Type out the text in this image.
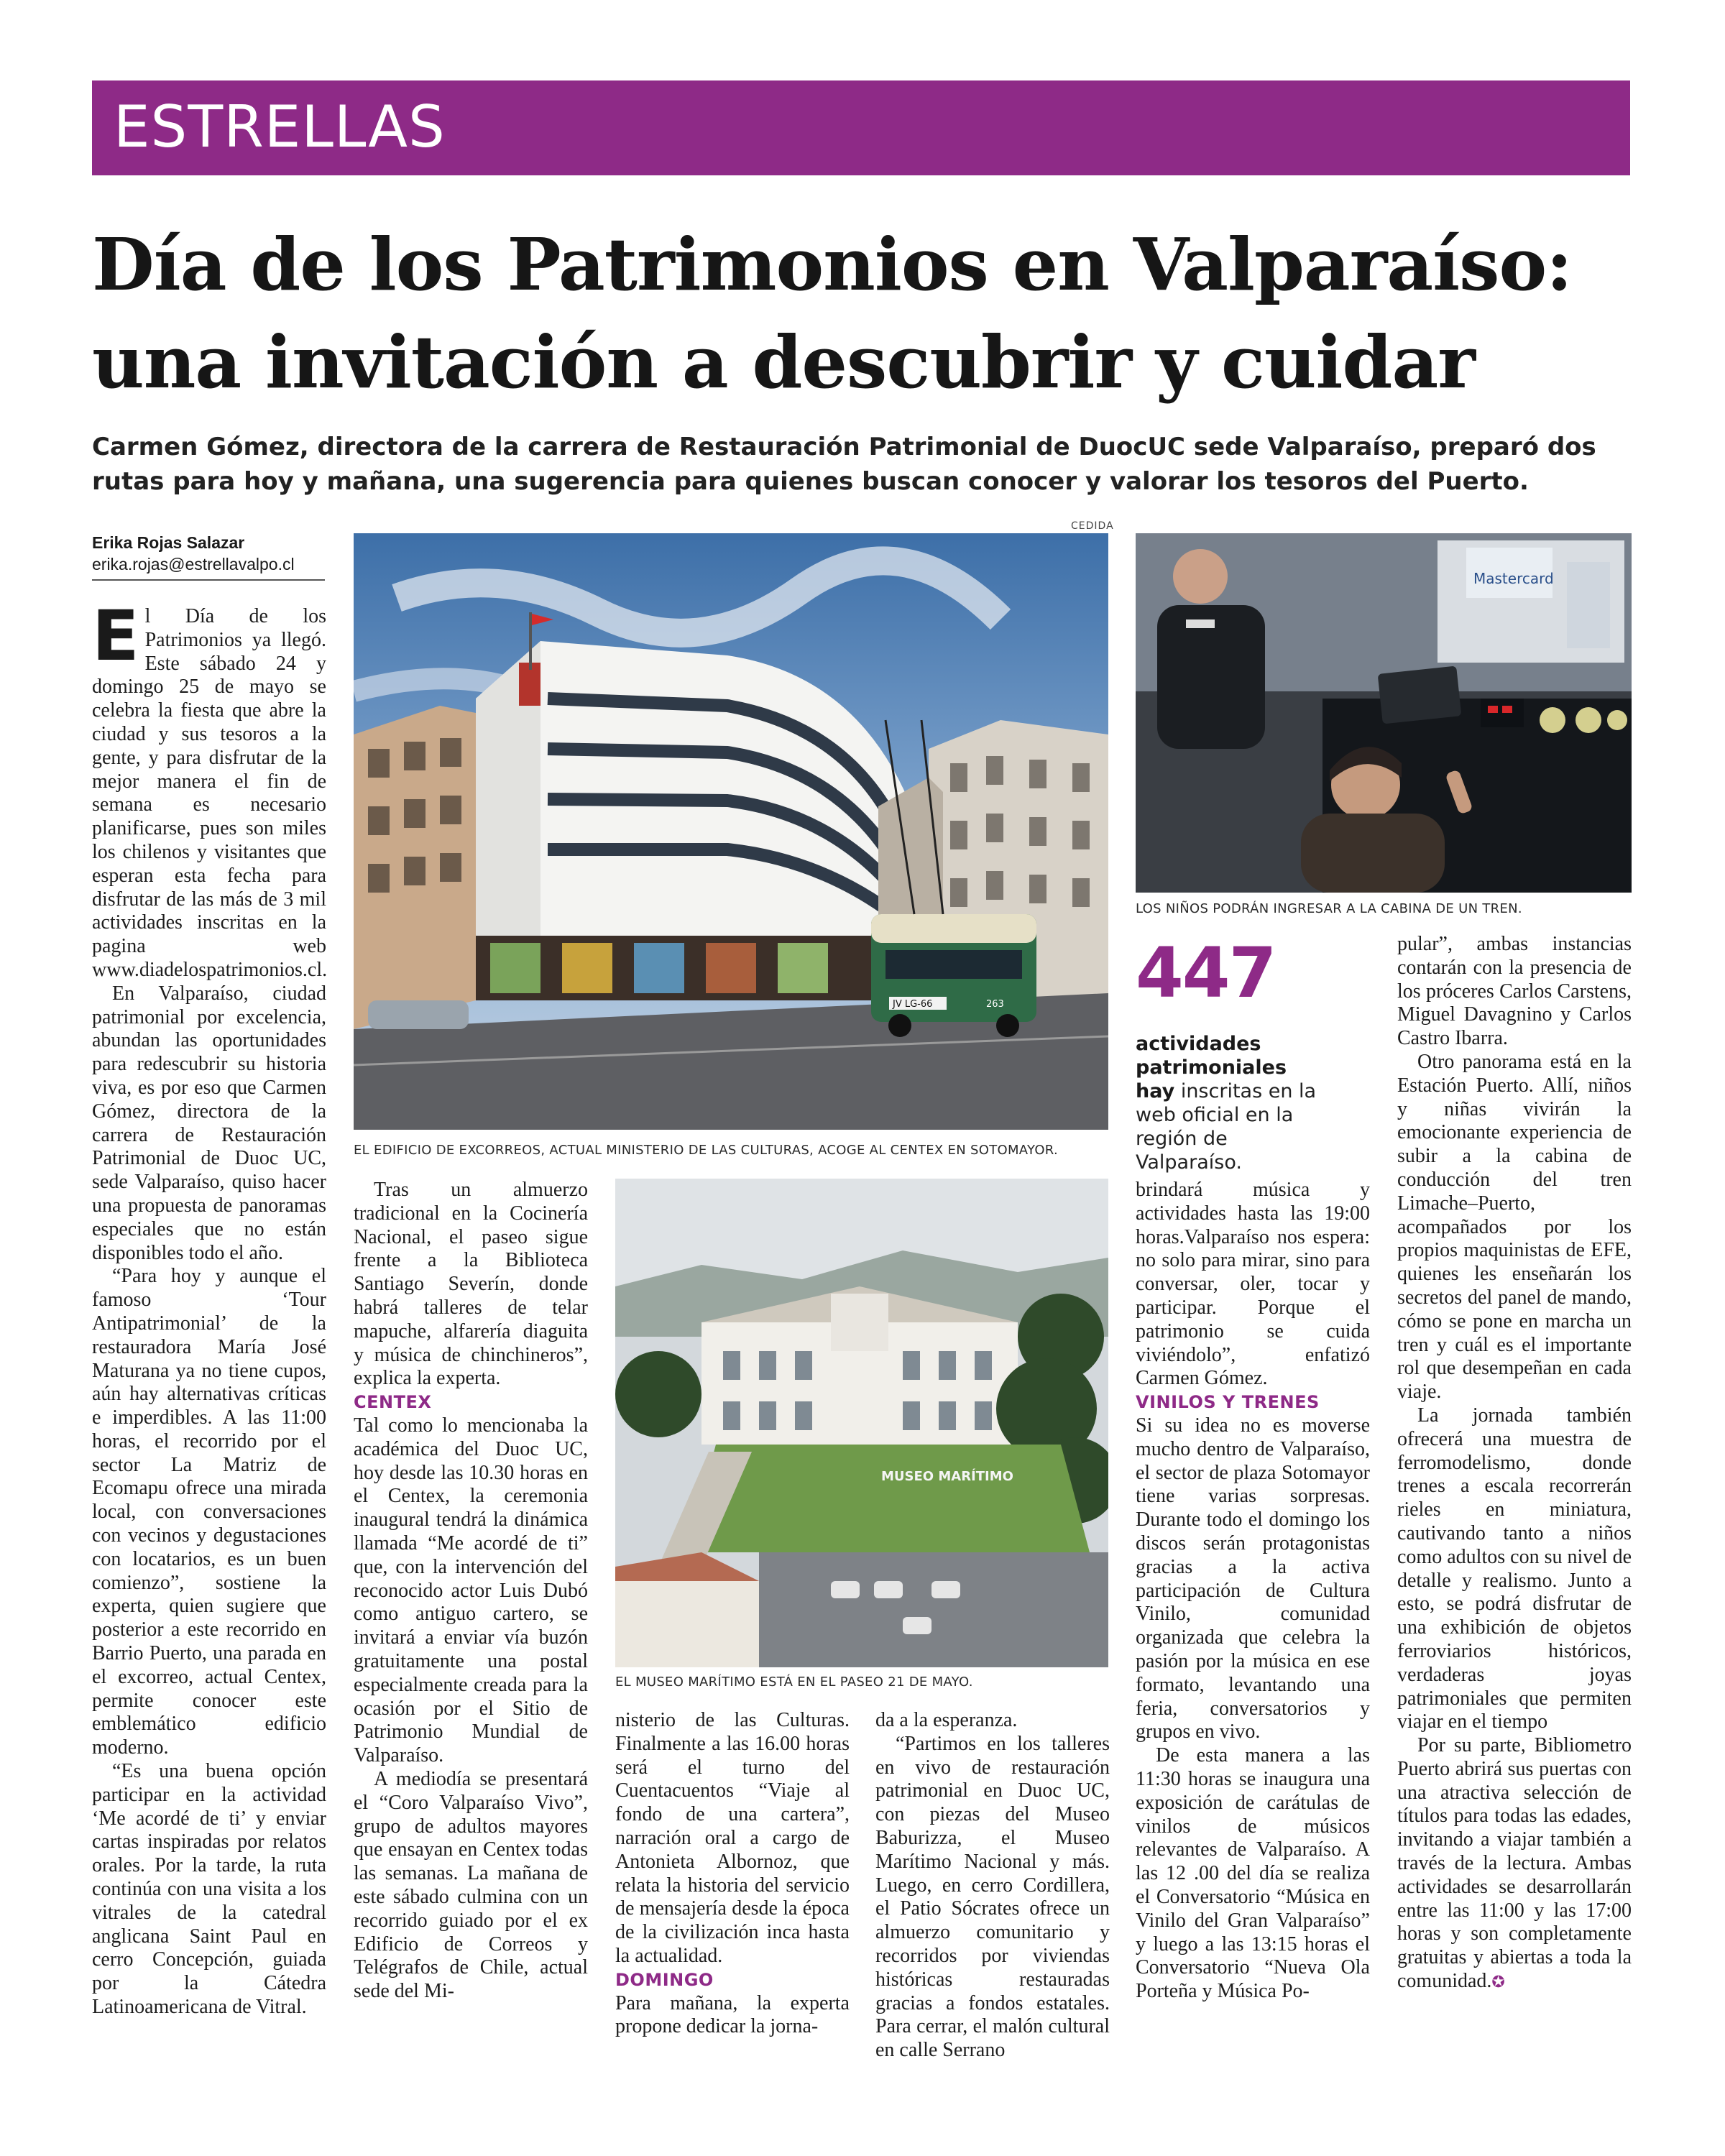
ESTRELLAS
Día de los Patrimonios en Valparaíso:
una invitación a descubrir y cuidar

Carmen Gómez, directora de la carrera de Restauración Patrimonial de DuocUC sede Valparaíso, preparó dos rutas para hoy y mañana, una sugerencia para quienes buscan conocer y valorar los tesoros del Puerto.

Erika Rojas Salazar
erika.rojas@estrellavalpo.cl

El Día de los Patrimonios ya llegó. Este sábado 24 y domingo 25 de mayo se celebra la fiesta que abre la ciudad y sus tesoros a la gente, y para disfrutar de la mejor manera el fin de semana es necesario planificarse, pues son miles los chilenos y visitantes que esperan esta fecha para disfrutar de las más de 3 mil actividades inscritas en la pagina web www.diadelospatrimonios.cl.

En Valparaíso, ciudad patrimonial por excelencia, abundan las oportunidades para redescubrir su historia viva, es por eso que Carmen Gómez, directora de la carrera de Restauración Patrimonial de Duoc UC, sede Valparaíso, quiso hacer una propuesta de panoramas especiales que no están disponibles todo el año.

“Para hoy y aunque el famoso ‘Tour Antipatrimonial’ de la restauradora María José Maturana ya no tiene cupos, aún hay alternativas críticas e imperdibles. A las 11:00 horas, el recorrido por el sector La Matriz de Ecomapu ofrece una mirada local, con conversaciones con vecinos y degustaciones con locatarios, es un buen comienzo”, sostiene la experta, quien sugiere que posterior a este recorrido en Barrio Puerto, una parada en el excorreo, actual Centex, permite conocer este emblemático edificio moderno.

“Es una buena opción participar en la actividad ‘Me acordé de ti’ y enviar cartas inspiradas por relatos orales. Por la tarde, la ruta continúa con una visita a los vitrales de la catedral anglicana Saint Paul en cerro Concepción, guiada por la Cátedra Latinoamericana de Vitral.

CEDIDA
JV LG-66	263
EL EDIFICIO DE EXCORREOS, ACTUAL MINISTERIO DE LAS CULTURAS, ACOGE AL CENTEX EN SOTOMAYOR.
Mastercard
LOS NIÑOS PODRÁN INGRESAR A LA CABINA DE UN TREN.
447
actividades patrimoniales hay inscritas en la web oficial en la región de Valparaíso.
MUSEO MARÍTIMO
EL MUSEO MARÍTIMO ESTÁ EN EL PASEO 21 DE MAYO.

Tras un almuerzo tradicional en la Cocinería Nacional, el paseo sigue frente a la Biblioteca Santiago Severín, donde habrá talleres de telar mapuche, alfarería diaguita y música de chinchineros”, explica la experta.

CENTEX

Tal como lo mencionaba la académica del Duoc UC, hoy desde las 10.30 horas en el Centex, la ceremonia inaugural tendrá la dinámica llamada “Me acordé de ti” que, con la intervención del reconocido actor Luis Dubó como antiguo cartero, se invitará a enviar vía buzón gratuitamente una postal especialmente creada para la ocasión por el Sitio de Patrimonio Mundial de Valparaíso.

A mediodía se presentará el “Coro Valparaíso Vivo”, grupo de adultos mayores que ensayan en Centex todas las semanas. La mañana de este sábado culmina con un recorrido guiado por el ex Edificio de Correos y Telégrafos de Chile, actual sede del Mi-

nisterio de las Culturas. Finalmente a las 16.00 horas será el turno del Cuentacuentos “Viaje al fondo de una cartera”, narración oral a cargo de Antonieta Albornoz, que relata la historia del servicio de mensajería desde la época de la civilización inca hasta la actualidad.

DOMINGO

Para mañana, la experta propone dedicar la jorna-

da a la esperanza.

“Partimos en los talleres en vivo de restauración patrimonial en Duoc UC, con piezas del Museo Baburizza, el Museo Marítimo Nacional y más. Luego, en cerro Cordillera, el Patio Sócrates ofrece un almuerzo comunitario y recorridos por viviendas históricas restauradas gracias a fondos estatales. Para cerrar, el malón cultural en calle Serrano

brindará música y actividades hasta las 19:00 horas.Valparaíso nos espera: no solo para mirar, sino para conversar, oler, tocar y participar. Porque el patrimonio se cuida viviéndolo”, enfatizó Carmen Gómez.

VINILOS Y TRENES

Si su idea no es moverse mucho dentro de Valparaíso, el sector de plaza Sotomayor tiene varias sorpresas. Durante todo el domingo los discos serán protagonistas gracias a la activa participación de Cultura Vinilo, comunidad organizada que celebra la pasión por la música en ese formato, levantando una feria, conversatorios y grupos en vivo.

De esta manera a las 11:30 horas se inaugura una exposición de carátulas de vinilos de músicos relevantes de Valparaíso. A las 12 .00 del día se realiza el Conversatorio “Música en Vinilo del Gran Valparaíso” y luego a las 13:15 horas el Conversatorio “Nueva Ola Porteña y Música Po-

pular”, ambas instancias contarán con la presencia de los próceres Carlos Carstens, Miguel Davagnino y Carlos Castro Ibarra.

Otro panorama está en la Estación Puerto. Allí, niños y niñas vivirán la emocionante experiencia de subir a la cabina de conducción del tren Limache–Puerto, acompañados por los propios maquinistas de EFE, quienes les enseñarán los secretos del panel de mando, cómo se pone en marcha un tren y cuál es el importante rol que desempeñan en cada viaje.

La jornada también ofrecerá una muestra de ferromodelismo, donde trenes a escala recorrerán rieles en miniatura, cautivando tanto a niños como adultos con su nivel de detalle y realismo. Junto a esto, se podrá disfrutar de una exhibición de objetos ferroviarios históricos, verdaderas joyas patrimoniales que permiten viajar en el tiempo

Por su parte, Bibliometro Puerto abrirá sus puertas con una atractiva selección de títulos para todas las edades, invitando a viajar también a través de la lectura. Ambas actividades se desarrollarán entre las 11:00 y las 17:00 horas y son completamente gratuitas y abiertas a toda la comunidad.✪
